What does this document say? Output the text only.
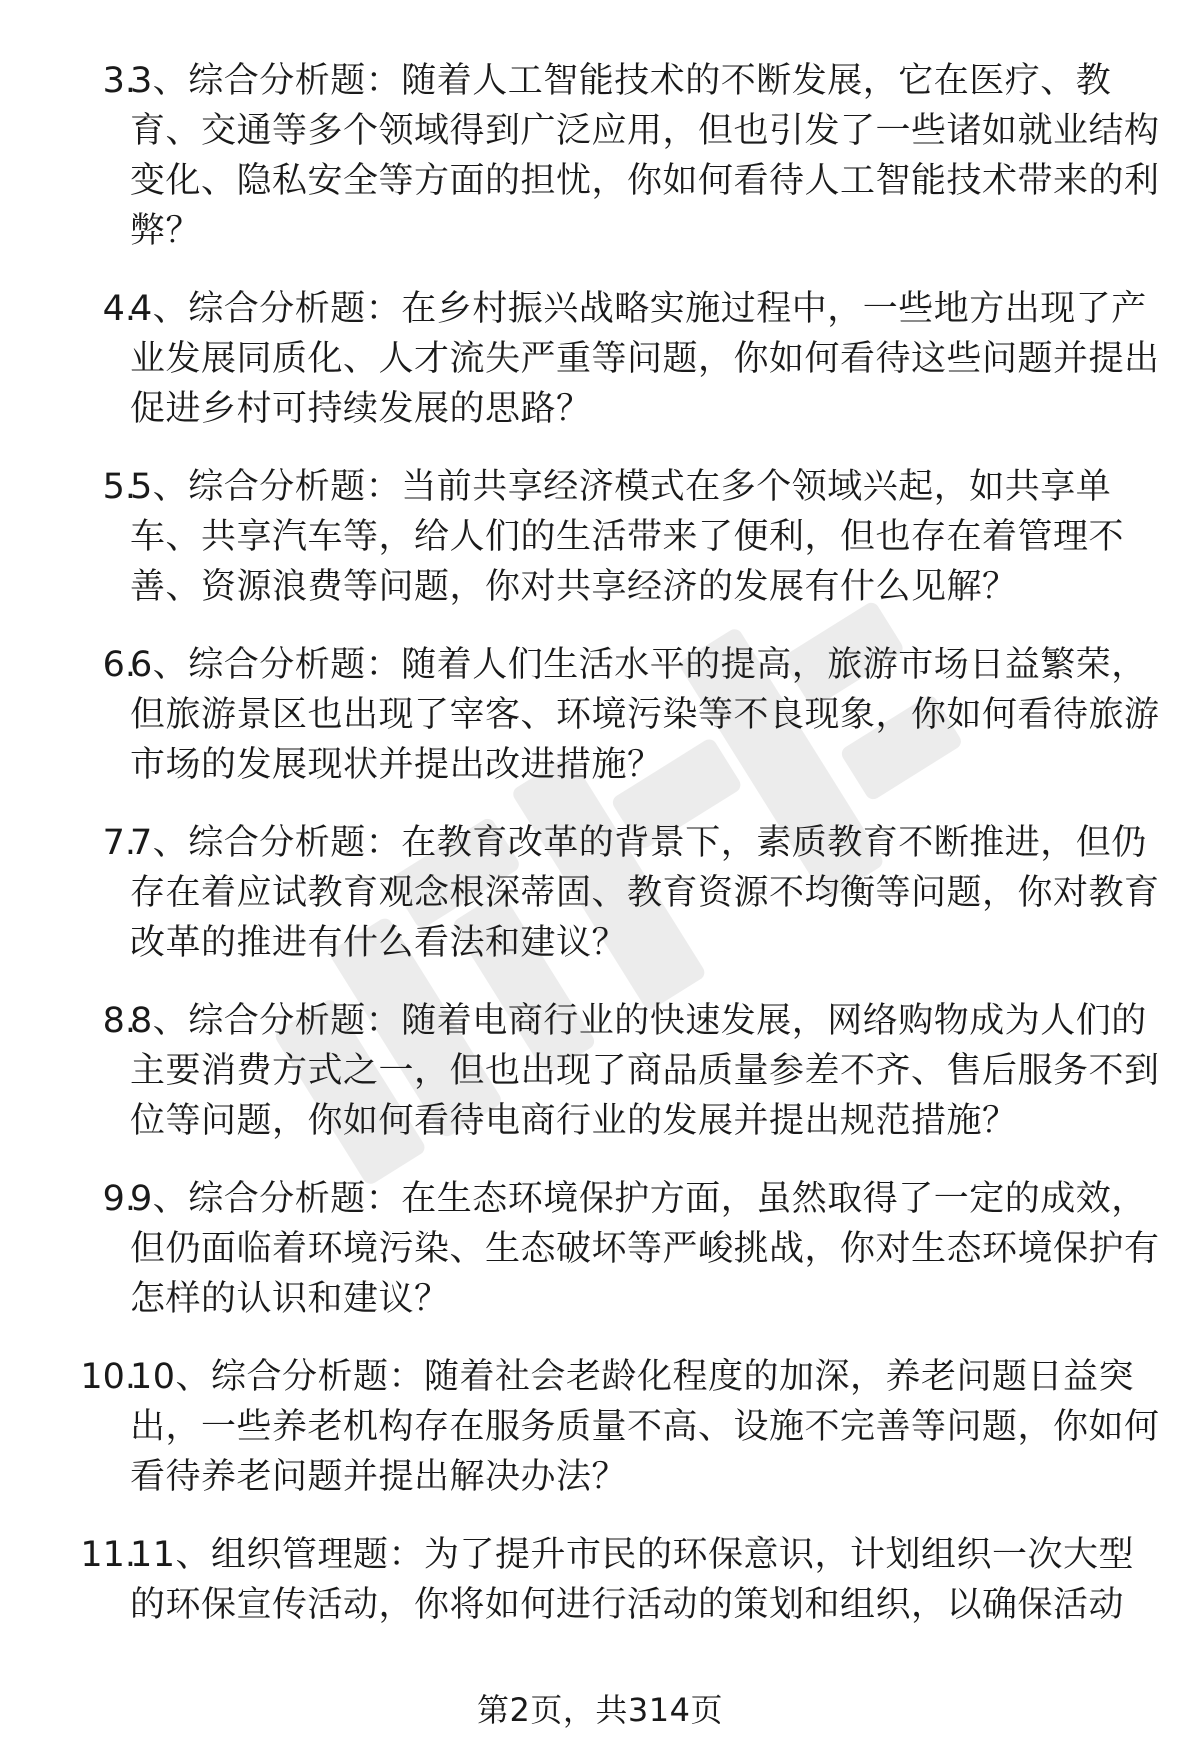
3.
3、综合分析题：随着人工智能技术的不断发展，它在医疗、教育、交通等多个领域得到广泛应用，但也引发了一些诸如就业结构变化、隐私安全等方面的担忧，你如何看待人工智能技术带来的利弊？
4.
4、综合分析题：在乡村振兴战略实施过程中，一些地方出现了产业发展同质化、人才流失严重等问题，你如何看待这些问题并提出促进乡村可持续发展的思路？
5.
5、综合分析题：当前共享经济模式在多个领域兴起，如共享单车、共享汽车等，给人们的生活带来了便利，但也存在着管理不善、资源浪费等问题，你对共享经济的发展有什么见解？
6.
6、综合分析题：随着人们生活水平的提高，旅游市场日益繁荣，但旅游景区也出现了宰客、环境污染等不良现象，你如何看待旅游市场的发展现状并提出改进措施？
7.
7、综合分析题：在教育改革的背景下，素质教育不断推进，但仍存在着应试教育观念根深蒂固、教育资源不均衡等问题，你对教育改革的推进有什么看法和建议？
8.
8、综合分析题：随着电商行业的快速发展，网络购物成为人们的主要消费方式之一，但也出现了商品质量参差不齐、售后服务不到位等问题，你如何看待电商行业的发展并提出规范措施？
9.
9、综合分析题：在生态环境保护方面，虽然取得了一定的成效，但仍面临着环境污染、生态破坏等严峻挑战，你对生态环境保护有怎样的认识和建议？
10.
10、综合分析题：随着社会老龄化程度的加深，养老问题日益突出，一些养老机构存在服务质量不高、设施不完善等问题，你如何看待养老问题并提出解决办法？
11.
11、组织管理题：为了提升市民的环保意识，计划组织一次大型的环保宣传活动，你将如何进行活动的策划和组织，以确保活动
第2页，共314页
